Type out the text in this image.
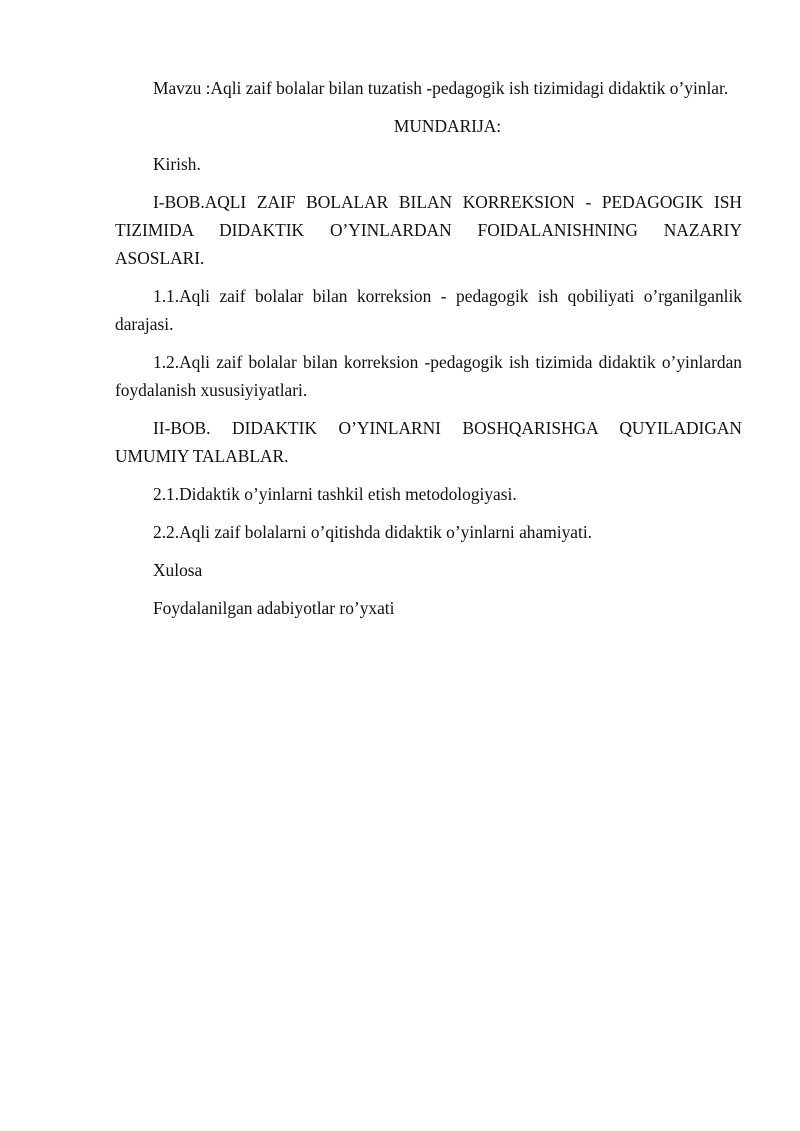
Mavzu :Aqli zaif bolalar bilan tuzatish -pedagogik ish tizimidagi didaktik o’yinlar.

MUNDARIJA:

Kirish.

I-BOB.AQLI ZAIF BOLALAR BILAN KORREKSION - PEDAGOGIK ISH TIZIMIDA DIDAKTIK O’YINLARDAN FOIDALANISHNING NAZARIY ASOSLARI.

1.1.Aqli zaif bolalar bilan korreksion - pedagogik ish qobiliyati o’rganilganlik darajasi.

1.2.Aqli zaif bolalar bilan korreksion -pedagogik ish tizimida didaktik o’yinlardan foydalanish xususiyiyatlari.

II-BOB. DIDAKTIK O’YINLARNI BOSHQARISHGA QUYILADIGAN UMUMIY TALABLAR.

2.1.Didaktik o’yinlarni tashkil etish metodologiyasi.

2.2.Aqli zaif bolalarni o’qitishda didaktik o’yinlarni ahamiyati.

Xulosa

Foydalanilgan adabiyotlar ro’yxati
